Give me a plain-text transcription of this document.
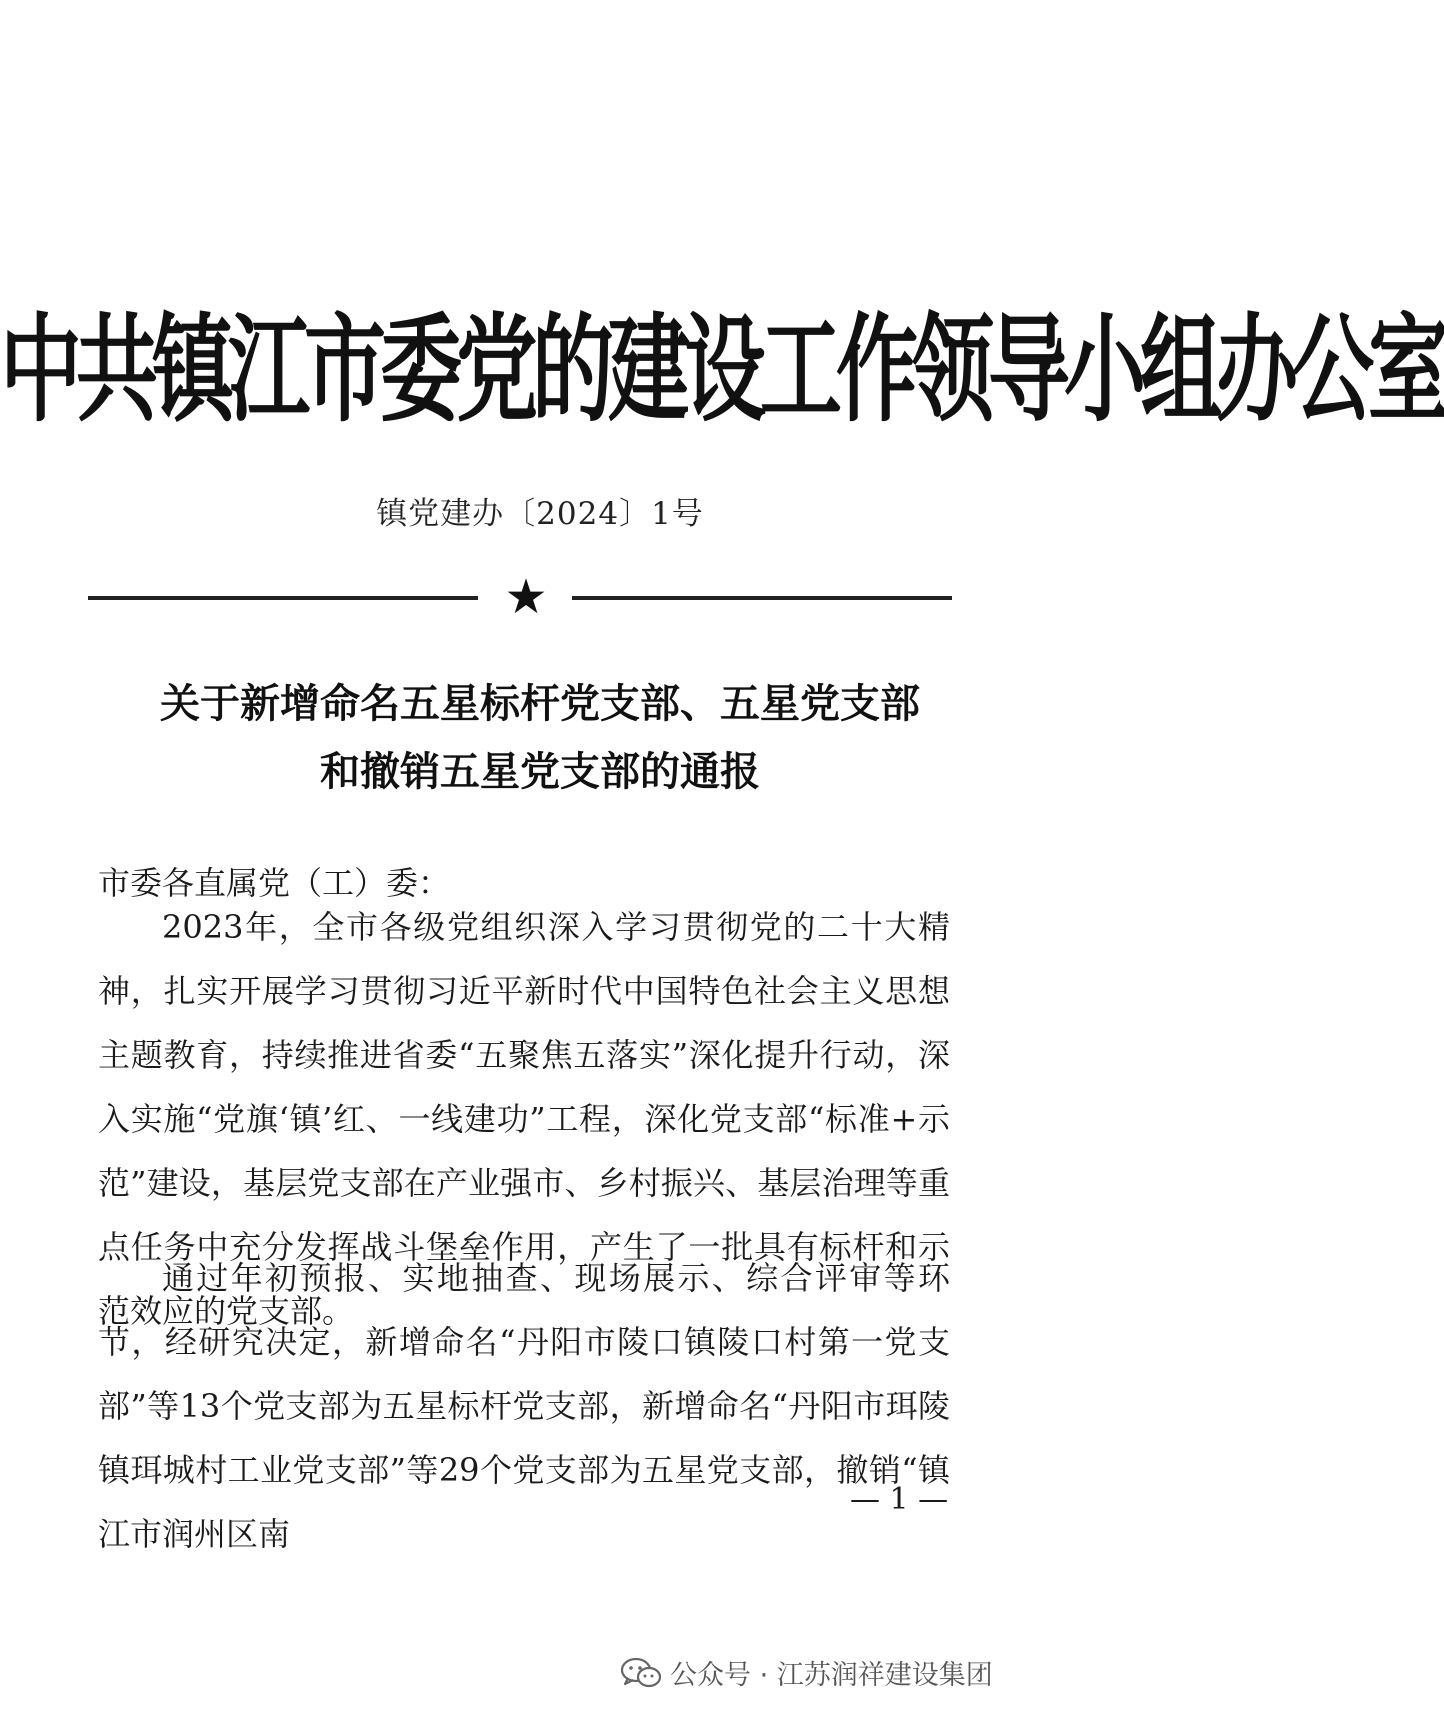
中共镇江市委党的建设工作领导小组办公室
镇党建办〔2024〕1号
★
关于新增命名五星标杆党支部、五星党支部
和撤销五星党支部的通报
市委各直属党（工）委：
2023年，全市各级党组织深入学习贯彻党的二十大精神，扎实开展学习贯彻习近平新时代中国特色社会主义思想主题教育，持续推进省委“五聚焦五落实”深化提升行动，深入实施“党旗‘镇’红、一线建功”工程，深化党支部“标准+示范”建设，基层党支部在产业强市、乡村振兴、基层治理等重点任务中充分发挥战斗堡垒作用，产生了一批具有标杆和示范效应的党支部。
通过年初预报、实地抽查、现场展示、综合评审等环节，经研究决定，新增命名“丹阳市陵口镇陵口村第一党支部”等13个党支部为五星标杆党支部，新增命名“丹阳市珥陵镇珥城村工业党支部”等29个党支部为五星党支部，撤销“镇江市润州区南
— 1 —
公众号 · 江苏润祥建设集团
